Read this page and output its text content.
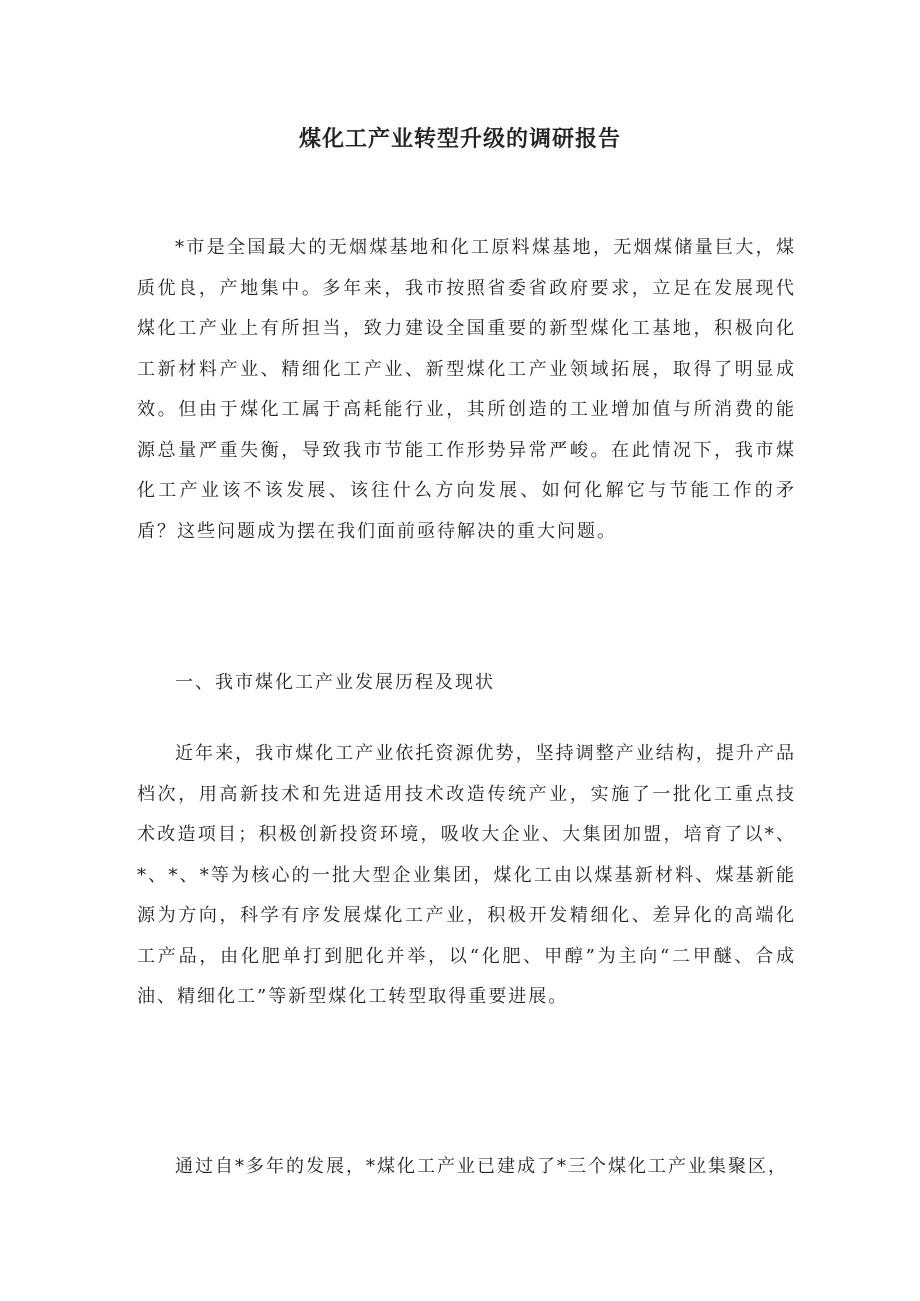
煤化工产业转型升级的调研报告

*市是全国最大的无烟煤基地和化工原料煤基地，无烟煤储量巨大，煤质优良，产地集中。多年来，我市按照省委省政府要求，立足在发展现代煤化工产业上有所担当，致力建设全国重要的新型煤化工基地，积极向化工新材料产业、精细化工产业、新型煤化工产业领域拓展，取得了明显成效。但由于煤化工属于高耗能行业，其所创造的工业增加值与所消费的能源总量严重失衡，导致我市节能工作形势异常严峻。在此情况下，我市煤化工产业该不该发展、该往什么方向发展、如何化解它与节能工作的矛盾？这些问题成为摆在我们面前亟待解决的重大问题。

一、我市煤化工产业发展历程及现状

近年来，我市煤化工产业依托资源优势，坚持调整产业结构，提升产品档次，用高新技术和先进适用技术改造传统产业，实施了一批化工重点技术改造项目；积极创新投资环境，吸收大企业、大集团加盟，培育了以*、*、*、*等为核心的一批大型企业集团，煤化工由以煤基新材料、煤基新能源为方向，科学有序发展煤化工产业，积极开发精细化、差异化的高端化工产品，由化肥单打到肥化并举，以“化肥、甲醇”为主向“二甲醚、合成油、精细化工”等新型煤化工转型取得重要进展。

通过自*多年的发展，*煤化工产业已建成了*三个煤化工产业集聚区，
